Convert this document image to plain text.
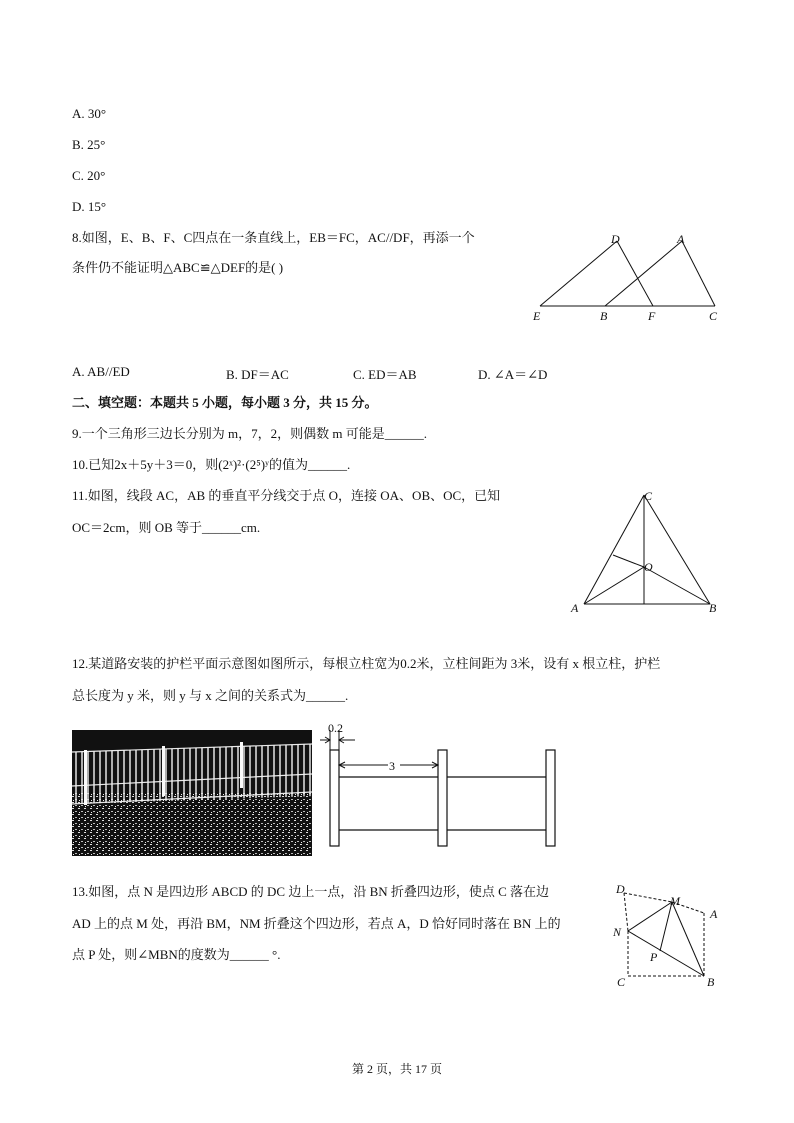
A. 30°
B. 25°
C. 20°
D. 15°
8.如图，E、B、F、C四点在一条直线上，EB＝FC，AC//DF，再添一个
条件仍不能证明△ABC≌△DEF的是( )
D	A
E	B	F	C
A. AB//ED	B. DF＝AC	C. ED＝AB	D. ∠A＝∠D
二、填空题：本题共 5 小题，每小题 3 分，共 15 分。
9.一个三角形三边长分别为 m，7，2，则偶数 m 可能是______.
10.已知2x＋5y＋3＝0，则(2ˣ)²·(2⁵)ʸ的值为______.
11.如图，线段 AC，AB 的垂直平分线交于点 O，连接 OA、OB、OC，已知
OC＝2cm，则 OB 等于______cm.
C
O
A	B
12.某道路安装的护栏平面示意图如图所示，每根立柱宽为0.2米，立柱间距为 3米，设有 x 根立柱，护栏
总长度为 y 米，则 y 与 x 之间的关系式为______.
0.2
3
13.如图，点 N 是四边形 ABCD 的 DC 边上一点，沿 BN 折叠四边形，使点 C 落在边
AD 上的点 M 处，再沿 BM，NM 折叠这个四边形，若点 A，D 恰好同时落在 BN 上的
点 P 处，则∠MBN的度数为______ °.
D
M
A
N
P
C	B
第 2 页，共 17 页
